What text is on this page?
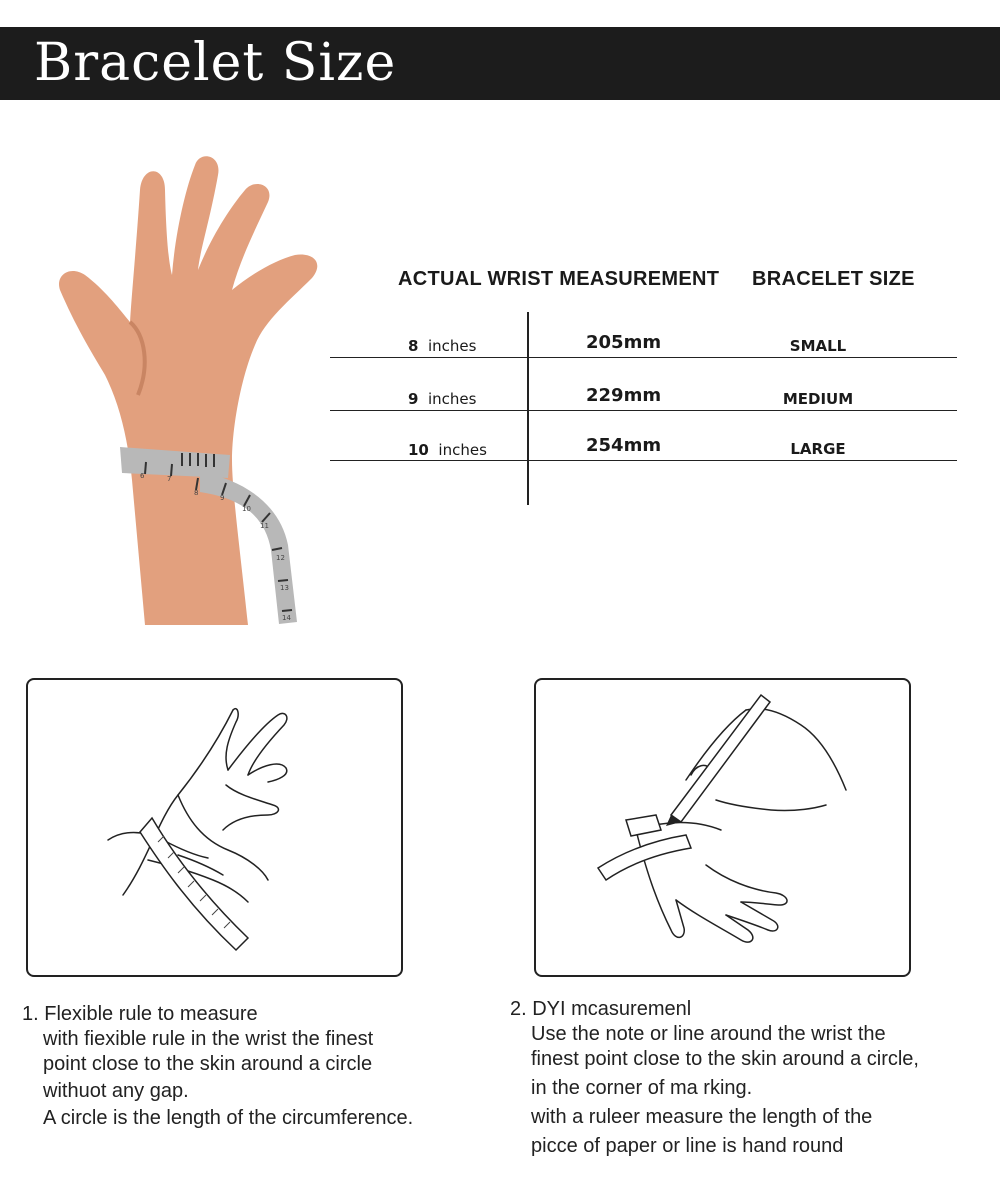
Bracelet Size
6	7
8
9
10
11
12
13
14
ACTUAL WRIST MEASUREMENT BRACELET SIZE
8 inches	205mm	SMALL
9 inches	229mm	MEDIUM
10 inches	254mm	LARGE
1. Flexible rule to measure
with fiexible rule in the wrist the finest
point close to the skin around a circle
withuot any gap.
A circle is the length of the circumference.
2. DYI mcasuremenl
Use the note or line around the wrist the
finest point close to the skin around a circle,
in the corner of ma rking.
with a ruleer measure the length of the
picce of paper or line is hand round
